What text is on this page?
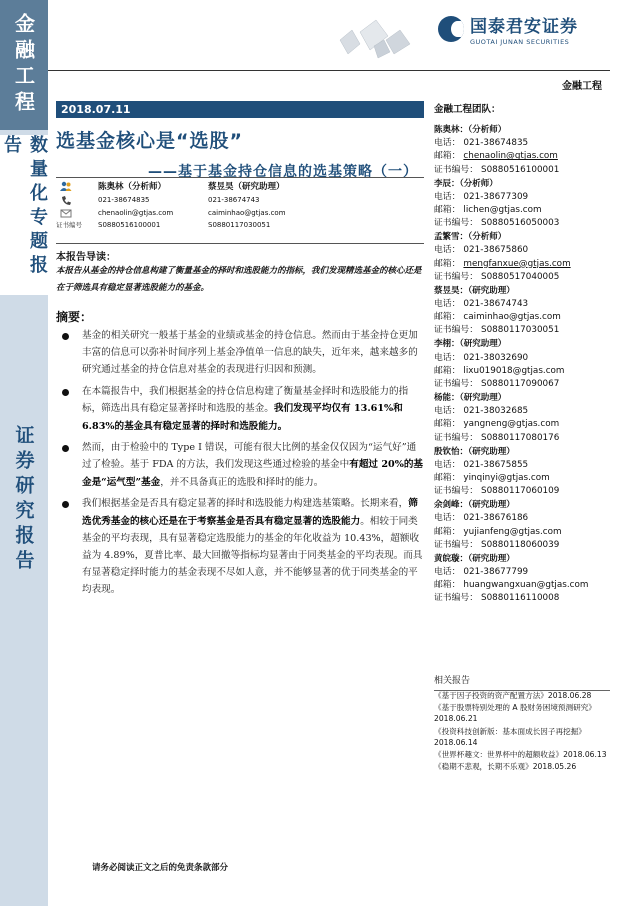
金融工程
数量化专题报告
证券研究报告
国泰君安证券
GUOTAI JUNAN SECURITIES
金融工程
2018.07.11
选基金核心是“选股”
——基于基金持仓信息的选基策略（一）
陈奥林（分析师）	蔡昱昊（研究助理）
021-38674835	021-38674743
chenaolin@gtjas.com	caiminhao@gtjas.com
证书编号 S0880516100001	S0880117030051
本报告导读：
本报告从基金的持仓信息构建了衡量基金的择时和选股能力的指标，我们发现精选基金的核心还是在于筛选具有稳定显著选股能力的基金。
摘要：
基金的相关研究一般基于基金的业绩或基金的持仓信息。然而由于基金持仓更加丰富的信息可以弥补时间序列上基金净值单一信息的缺失，近年来，越来越多的研究通过基金的持仓信息对基金的表现进行归因和预测。
在本篇报告中，我们根据基金的持仓信息构建了衡量基金择时和选股能力的指标，筛选出具有稳定显著择时和选股的基金。我们发现平均仅有 13.61%和 6.83%的基金具有稳定显著的择时和选股能力。
然而，由于检验中的 Type I 错误，可能有很大比例的基金仅仅因为“运气好”通过了检验。基于 FDA 的方法，我们发现这些通过检验的基金中有超过 20%的基金是“运气型”基金，并不具备真正的选股和择时的能力。
我们根据基金是否具有稳定显著的择时和选股能力构建选基策略。长期来看，筛选优秀基金的核心还是在于考察基金是否具有稳定显著的选股能力。相较于同类基金的平均表现，具有显著稳定选股能力的基金的年化收益为 10.43%，超额收益为 4.89%，夏普比率、最大回撤等指标均显著由于同类基金的平均表现。而具有显著稳定择时能力的基金表现不尽如人意，并不能够显著的优于同类基金的平均表现。
请务必阅读正文之后的免责条款部分
金融工程团队：
陈奥林：（分析师）
电话： 021-38674835
邮箱： chenaolin@gtjas.com
证书编号： S0880516100001
李辰：（分析师）
电话： 021-38677309
邮箱： lichen@gtjas.com
证书编号： S0880516050003
孟繁雪：（分析师）
电话： 021-38675860
邮箱： mengfanxue@gtjas.com
证书编号： S0880517040005
蔡昱昊：（研究助理）
电话： 021-38674743
邮箱： caiminhao@gtjas.com
证书编号： S0880117030051
李栩：（研究助理）
电话： 021-38032690
邮箱： lixu019018@gtjas.com
证书编号： S0880117090067
杨能：（研究助理）
电话： 021-38032685
邮箱： yangneng@gtjas.com
证书编号： S0880117080176
殷钦怡：（研究助理）
电话： 021-38675855
邮箱： yinqinyi@gtjas.com
证书编号： S0880117060109
余剑峰：（研究助理）
电话： 021-38676186
邮箱： yujianfeng@gtjas.com
证书编号： S0880118060039
黄皖璇：（研究助理）
电话： 021-38677799
邮箱： huangwangxuan@gtjas.com
证书编号： S0880116110008
相关报告
《基于因子投资的资产配置方法》2018.06.28
《基于股票特别处理的 A 股财务困境预测研究》2018.06.21
《投资科技创新版：基本面成长因子再挖掘》2018.06.14
《世界杯趣文：世界杯中的超额收益》2018.06.13
《稳期不悲观，长期不乐观》2018.05.26
